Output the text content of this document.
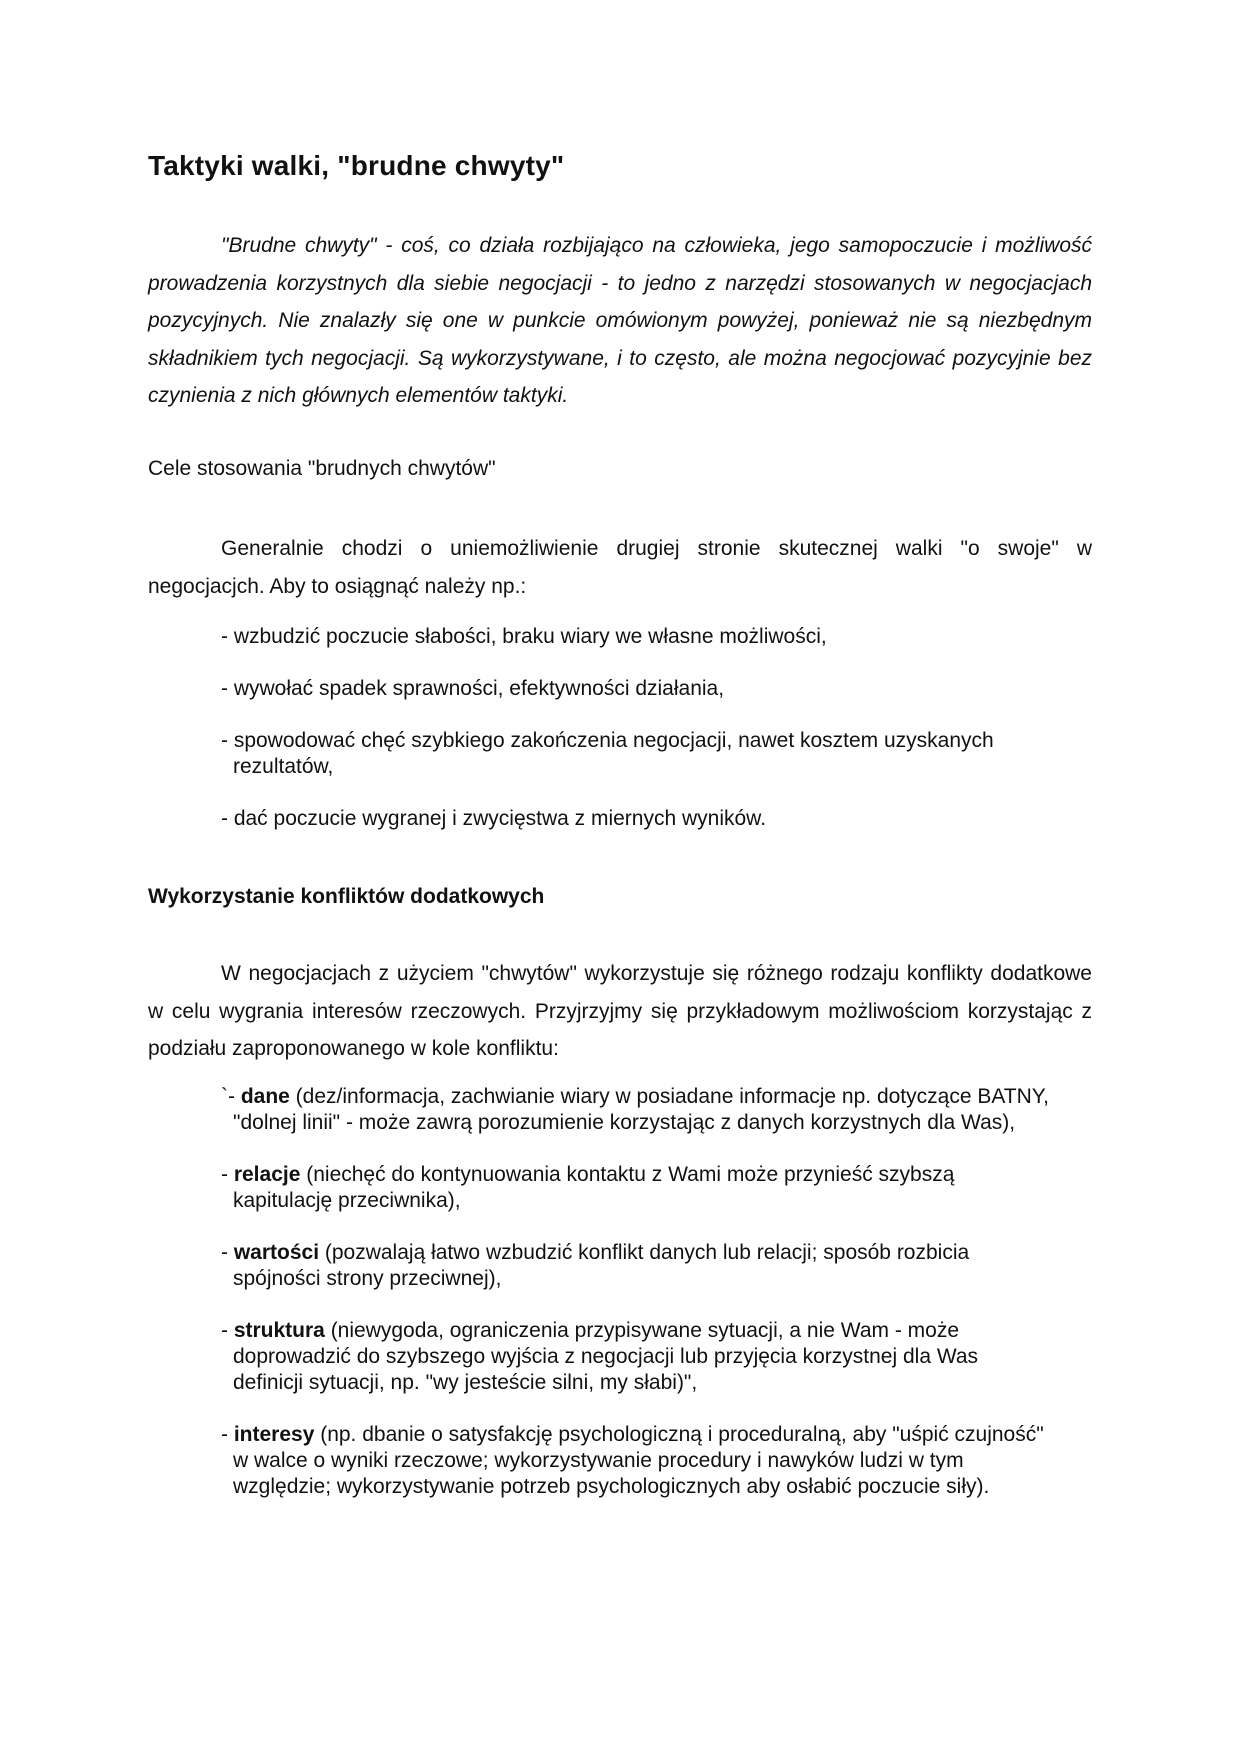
Taktyki walki, "brudne chwyty"

"Brudne chwyty" - coś, co działa rozbijająco na człowieka, jego samopoczucie i możliwość prowadzenia korzystnych dla siebie negocjacji - to jedno z narzędzi stosowanych w negocjacjach pozycyjnych. Nie znalazły się one w punkcie omówionym powyżej, ponieważ nie są niezbędnym składnikiem tych negocjacji. Są wykorzystywane, i to często, ale można negocjować pozycyjnie bez czynienia z nich głównych elementów taktyki.

Cele stosowania "brudnych chwytów"

Generalnie chodzi o uniemożliwienie drugiej stronie skutecznej walki "o swoje" w negocjacjch. Aby to osiągnąć należy np.:

- wzbudzić poczucie słabości, braku wiary we własne możliwości,
- wywołać spadek sprawności, efektywności działania,
- spowodować chęć szybkiego zakończenia negocjacji, nawet kosztem uzyskanych rezultatów,
- dać poczucie wygranej i zwycięstwa z miernych wyników.
Wykorzystanie konfliktów dodatkowych

W negocjacjach z użyciem "chwytów" wykorzystuje się różnego rodzaju konflikty dodatkowe w celu wygrania interesów rzeczowych. Przyjrzyjmy się przykładowym możliwościom korzystając z podziału zaproponowanego w kole konfliktu:

`- dane (dez/informacja, zachwianie wiary w posiadane informacje np. dotyczące BATNY, "dolnej linii" - może zawrą porozumienie korzystając z danych korzystnych dla Was),
- relacje (niechęć do kontynuowania kontaktu z Wami może przynieść szybszą kapitulację przeciwnika),
- wartości (pozwalają łatwo wzbudzić konflikt danych lub relacji; sposób rozbicia spójności strony przeciwnej),
- struktura (niewygoda, ograniczenia przypisywane sytuacji, a nie Wam - może doprowadzić do szybszego wyjścia z negocjacji lub przyjęcia korzystnej dla Was definicji sytuacji, np. "wy jesteście silni, my słabi)",
- interesy (np. dbanie o satysfakcję psychologiczną i proceduralną, aby "uśpić czujność" w walce o wyniki rzeczowe; wykorzystywanie procedury i nawyków ludzi w tym względzie; wykorzystywanie potrzeb psychologicznych aby osłabić poczucie siły).
